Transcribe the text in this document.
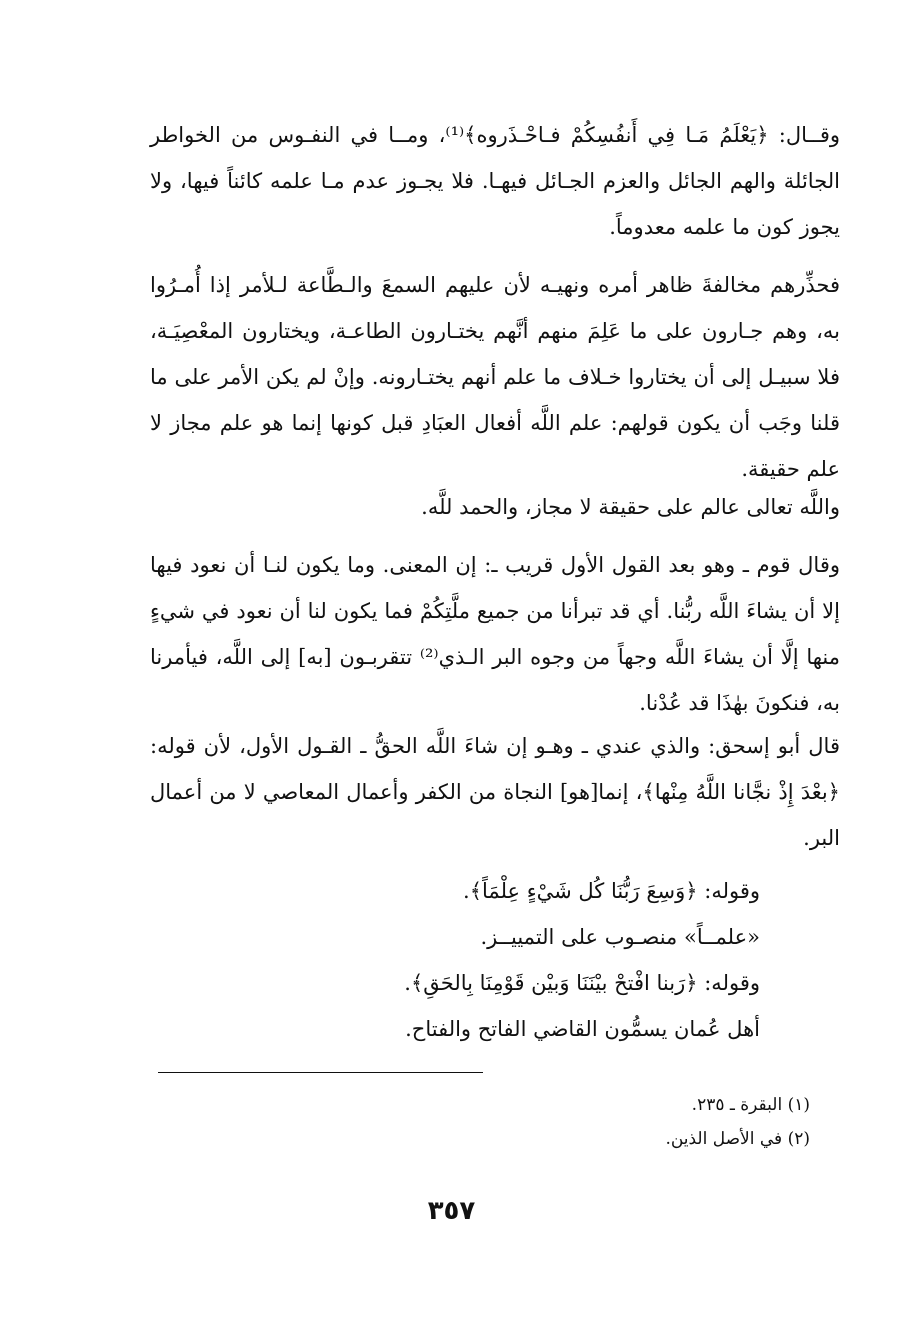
وقــال: ﴿يَعْلَمُ مَـا فِي أَنفُسِكُمْ فـاحْـذَروه﴾⁽¹⁾، ومــا في النفـوس من الخواطر الجائلة والهم الجائل والعزم الجـائل فيهـا. فلا يجـوز عدم مـا علمه كائناً فيها، ولا يجوز كون ما علمه معدوماً.

فحذِّرهم مخالفةَ ظاهر أمره ونهيـه لأن عليهم السمعَ والـطَّاعة لـلأمر إذا أُمـرُوا به، وهم جـارون على ما عَلِمَ منهم أنَّهم يختـارون الطاعـة، ويختارون المعْصِيَـة، فلا سبيـل إلى أن يختاروا خـلاف ما علم أنهم يختـارونه. وإنْ لم يكن الأمر على ما قلنا وجَب أن يكون قولهم: علم اللَّه أفعال العبَادِ قبل كونها إنما هو علم مجاز لا علم حقيقة.

واللَّه تعالى عالم على حقيقة لا مجاز، والحمد للَّه.

وقال قوم ـ وهو بعد القول الأول قريب ـ: إن المعنى. وما يكون لنـا أن نعود فيها إلا أن يشاءَ اللَّه ربُّنا. أي قد تبرأنا من جميع ملَّتِكُمْ فما يكون لنا أن نعود في شيءٍ منها إلَّا أن يشاءَ اللَّه وجهاً من وجوه البر الـذي⁽²⁾ تتقربـون [به] إلى اللَّه، فيأمرنا به، فنكونَ بهٰذَا قد عُدْنا.

قال أبو إسحق: والذي عندي ـ وهـو إن شاءَ اللَّه الحقُّ ـ القـول الأول، لأن قوله: ﴿بعْدَ إِذْ نجَّانا اللَّهُ مِنْها﴾، إنما[هو] النجاة من الكفر وأعمال المعاصي لا من أعمال البر.

وقوله: ﴿وَسِعَ رَبُّنَا كُل شَيْءٍ عِلْمَاً﴾.

«علمــاً» منصـوب على التمييــز.

وقوله: ﴿رَبنا افْتحْ بيْنَنَا وَبيْن قَوْمِنَا بِالحَقِ﴾.

أهل عُمان يسمُّون القاضي الفاتح والفتاح.

(١) البقرة ـ ٢٣٥.

(٢) في الأصل الذين.

٣٥٧
